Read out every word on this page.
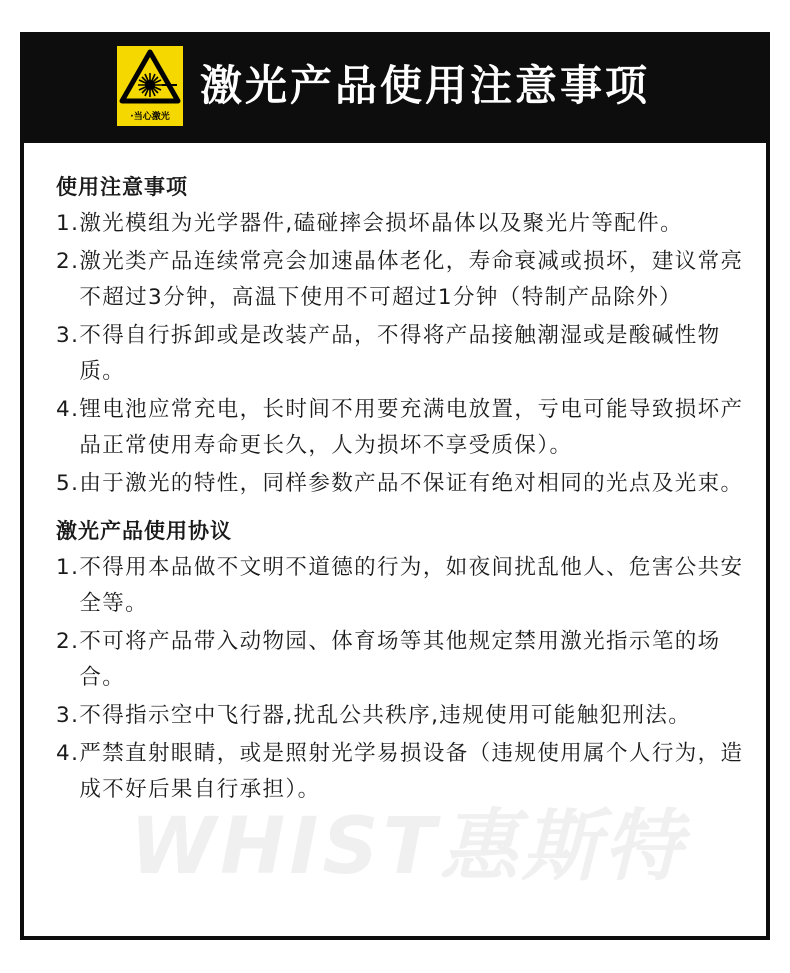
·当心激光
激光产品使用注意事项
使用注意事项
1. 激光模组为光学器件,磕碰摔会损坏晶体以及聚光片等配件。
2. 激光类产品连续常亮会加速晶体老化，寿命衰减或损坏，建议常亮不超过3分钟，高温下使用不可超过1分钟（特制产品除外）
3. 不得自行拆卸或是改装产品，不得将产品接触潮湿或是酸碱性物质。
4. 锂电池应常充电，长时间不用要充满电放置，亏电可能导致损坏产品正常使用寿命更长久，人为损坏不享受质保）。
5. 由于激光的特性，同样参数产品不保证有绝对相同的光点及光束。
激光产品使用协议
1. 不得用本品做不文明不道德的行为，如夜间扰乱他人、危害公共安全等。
2. 不可将产品带入动物园、体育场等其他规定禁用激光指示笔的场合。
3. 不得指示空中飞行器,扰乱公共秩序,违规使用可能触犯刑法。
4. 严禁直射眼睛，或是照射光学易损设备（违规使用属个人行为，造成不好后果自行承担）。
